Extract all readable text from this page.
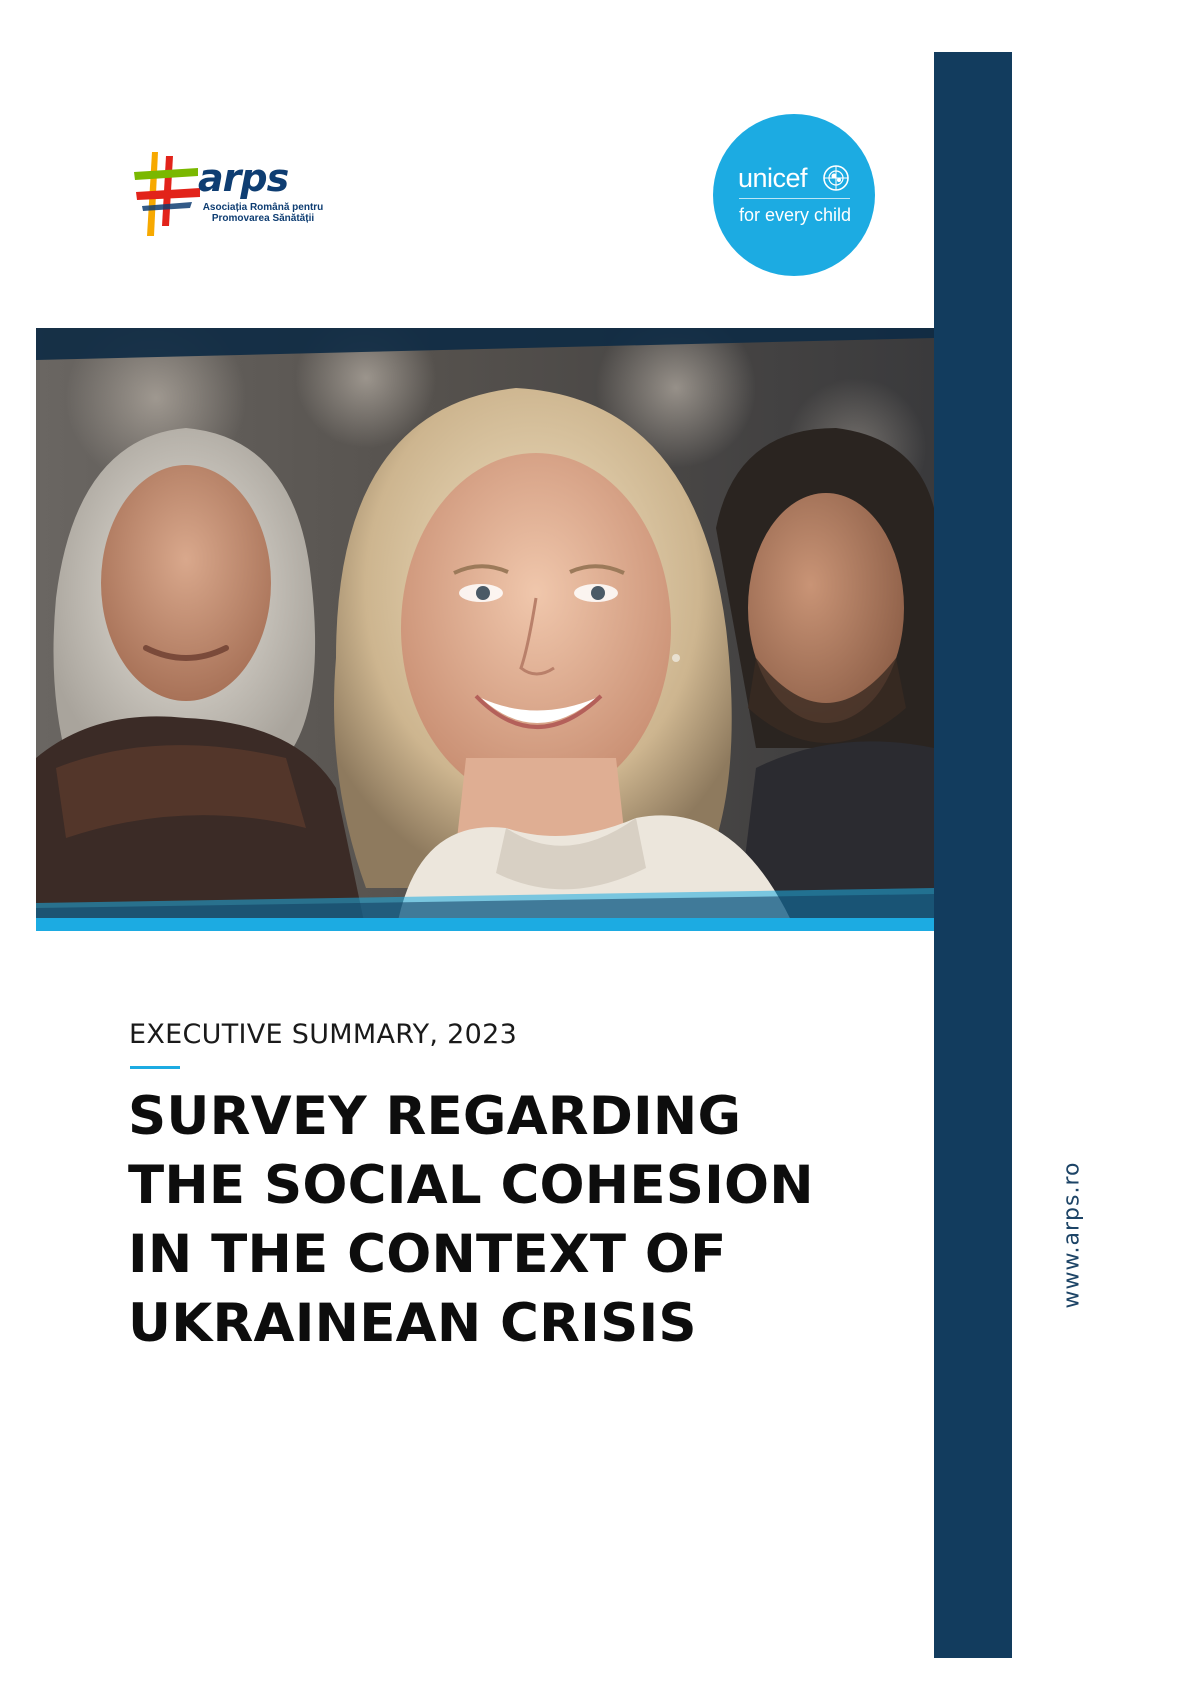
www.arps.ro
arps
Asociația Română pentru
Promovarea Sănătății
unicef
for every child
EXECUTIVE SUMMARY, 2023
SURVEY REGARDING
THE SOCIAL COHESION
IN THE CONTEXT OF
UKRAINEAN CRISIS
